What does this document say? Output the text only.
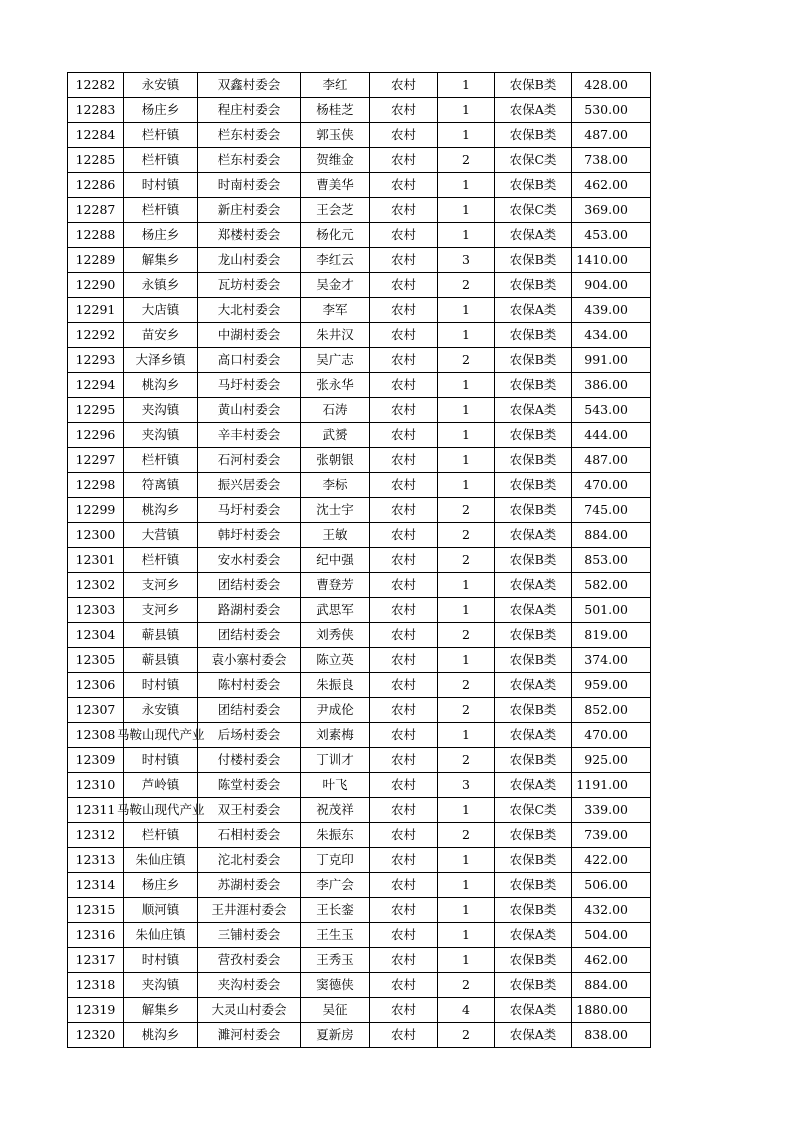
12282	永安镇	双鑫村委会	李红	农村	1	农保B类	428.00
12283	杨庄乡	程庄村委会	杨桂芝	农村	1	农保A类	530.00
12284	栏杆镇	栏东村委会	郭玉侠	农村	1	农保B类	487.00
12285	栏杆镇	栏东村委会	贺维金	农村	2	农保C类	738.00
12286	时村镇	时南村委会	曹美华	农村	1	农保B类	462.00
12287	栏杆镇	新庄村委会	王会芝	农村	1	农保C类	369.00
12288	杨庄乡	郑楼村委会	杨化元	农村	1	农保A类	453.00
12289	解集乡	龙山村委会	李红云	农村	3	农保B类	1410.00
12290	永镇乡	瓦坊村委会	吴金才	农村	2	农保B类	904.00
12291	大店镇	大北村委会	李军	农村	1	农保A类	439.00
12292	苗安乡	中湖村委会	朱井汉	农村	1	农保B类	434.00
12293	大泽乡镇	高口村委会	吴广志	农村	2	农保B类	991.00
12294	桃沟乡	马圩村委会	张永华	农村	1	农保B类	386.00
12295	夹沟镇	黄山村委会	石涛	农村	1	农保A类	543.00
12296	夹沟镇	辛丰村委会	武赟	农村	1	农保B类	444.00
12297	栏杆镇	石河村委会	张朝银	农村	1	农保B类	487.00
12298	符离镇	振兴居委会	李标	农村	1	农保B类	470.00
12299	桃沟乡	马圩村委会	沈士宇	农村	2	农保B类	745.00
12300	大营镇	韩圩村委会	王敏	农村	2	农保A类	884.00
12301	栏杆镇	安水村委会	纪中强	农村	2	农保B类	853.00
12302	支河乡	团结村委会	曹登芳	农村	1	农保A类	582.00
12303	支河乡	路湖村委会	武思军	农村	1	农保A类	501.00
12304	蕲县镇	团结村委会	刘秀侠	农村	2	农保B类	819.00
12305	蕲县镇	袁小寨村委会	陈立英	农村	1	农保B类	374.00
12306	时村镇	陈村村委会	朱振良	农村	2	农保A类	959.00
12307	永安镇	团结村委会	尹成伦	农村	2	农保B类	852.00
12308	马鞍山现代产业	后场村委会	刘素梅	农村	1	农保A类	470.00
12309	时村镇	付楼村委会	丁训才	农村	2	农保B类	925.00
12310	芦岭镇	陈堂村委会	叶飞	农村	3	农保A类	1191.00
12311	马鞍山现代产业	双王村委会	祝茂祥	农村	1	农保C类	339.00
12312	栏杆镇	石相村委会	朱振东	农村	2	农保B类	739.00
12313	朱仙庄镇	沱北村委会	丁克印	农村	1	农保B类	422.00
12314	杨庄乡	苏湖村委会	李广会	农村	1	农保B类	506.00
12315	顺河镇	王井涯村委会	王长銮	农村	1	农保B类	432.00
12316	朱仙庄镇	三铺村委会	王生玉	农村	1	农保A类	504.00
12317	时村镇	营孜村委会	王秀玉	农村	1	农保B类	462.00
12318	夹沟镇	夹沟村委会	窦德侠	农村	2	农保B类	884.00
12319	解集乡	大灵山村委会	吴征	农村	4	农保A类	1880.00
12320	桃沟乡	濉河村委会	夏新房	农村	2	农保A类	838.00
